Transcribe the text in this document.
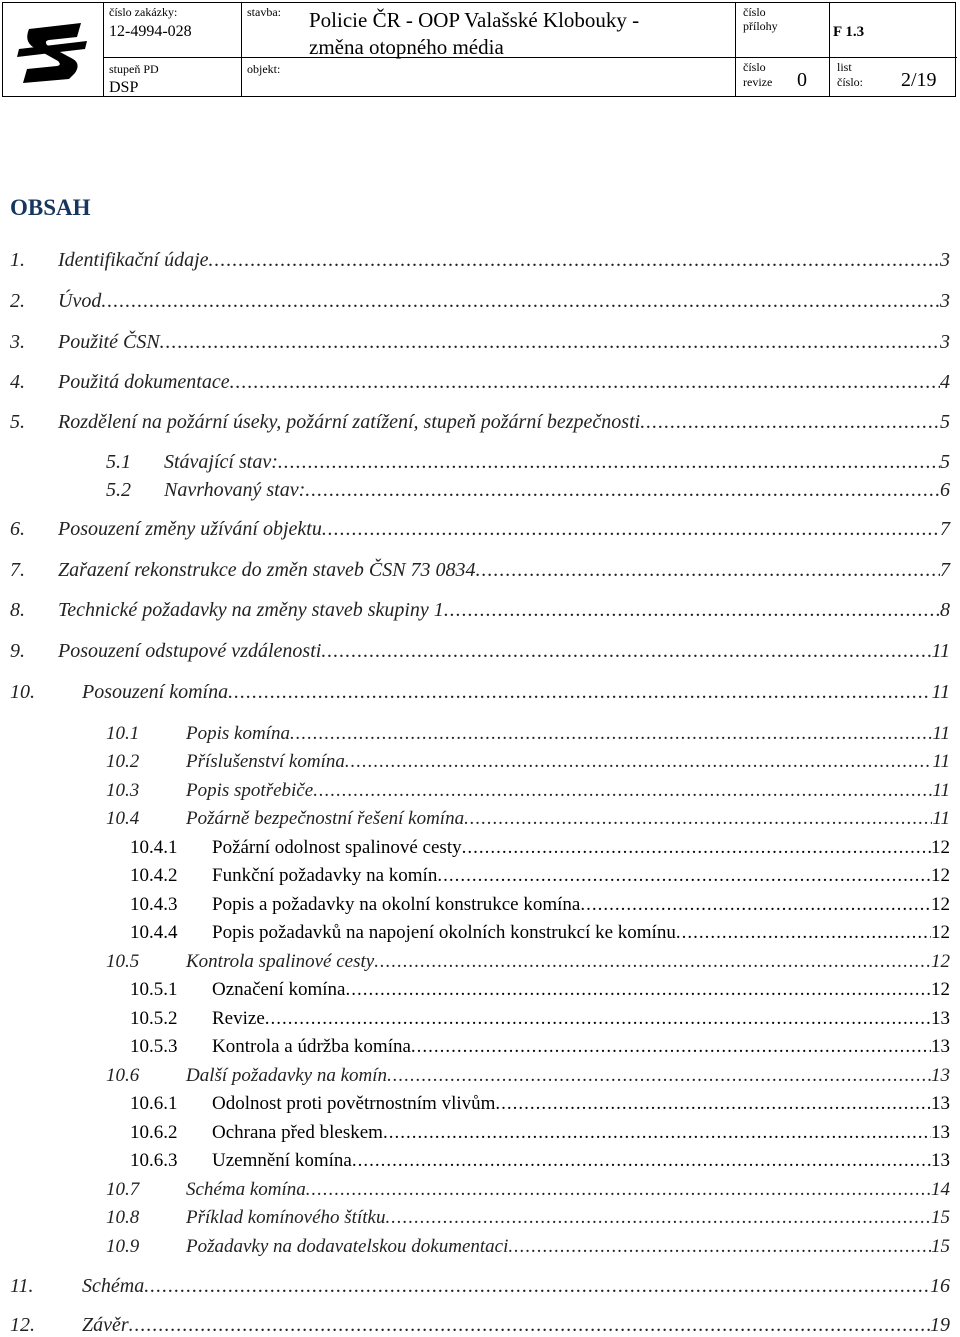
číslo zakázky:
12-4994-028
stupeň PD
DSP
stavba: Policie ČR - OOP Valašské Klobouky -
změna otopného média
objekt:
číslo
přílohy	F 1.3
číslo
revize 0
list
číslo: 2/19
OBSAH
1.	Identifikační údaje .....	3
2.	Úvod .....	3
3.	Použité ČSN .....	3
4.	Použitá dokumentace .....	4
5.	Rozdělení na požární úseky, požární zatížení, stupeň požární bezpečnosti .....	5
5.1	Stávající stav: .....	5
5.2	Navrhovaný stav: .....	6
6.	Posouzení změny užívání objektu .....	7
7.	Zařazení rekonstrukce do změn staveb ČSN 73 0834 .....	7
8.	Technické požadavky na změny staveb skupiny 1 .....	8
9.	Posouzení odstupové vzdálenosti .....	11
10.	Posouzení komína .....	11
10.1	Popis komína .....	11
10.2	Příslušenství komína .....	11
10.3	Popis spotřebiče .....	11
10.4	Požárně bezpečnostní řešení komína .....	11
10.4.1	Požární odolnost spalinové cesty .....	12
10.4.2	Funkční požadavky na komín .....	12
10.4.3	Popis a požadavky na okolní konstrukce komína .....	12
10.4.4	Popis požadavků na napojení okolních konstrukcí ke komínu .....	12
10.5	Kontrola spalinové cesty .....	12
10.5.1	Označení komína .....	12
10.5.2	Revize .....	13
10.5.3	Kontrola a údržba komína .....	13
10.6	Další požadavky na komín .....	13
10.6.1	Odolnost proti povětrnostním vlivům .....	13
10.6.2	Ochrana před bleskem .....	13
10.6.3	Uzemnění komína .....	13
10.7	Schéma komína .....	14
10.8	Příklad komínového štítku .....	15
10.9	Požadavky na dodavatelskou dokumentaci .....	15
11.	Schéma .....	16
12.	Závěr .....	19
